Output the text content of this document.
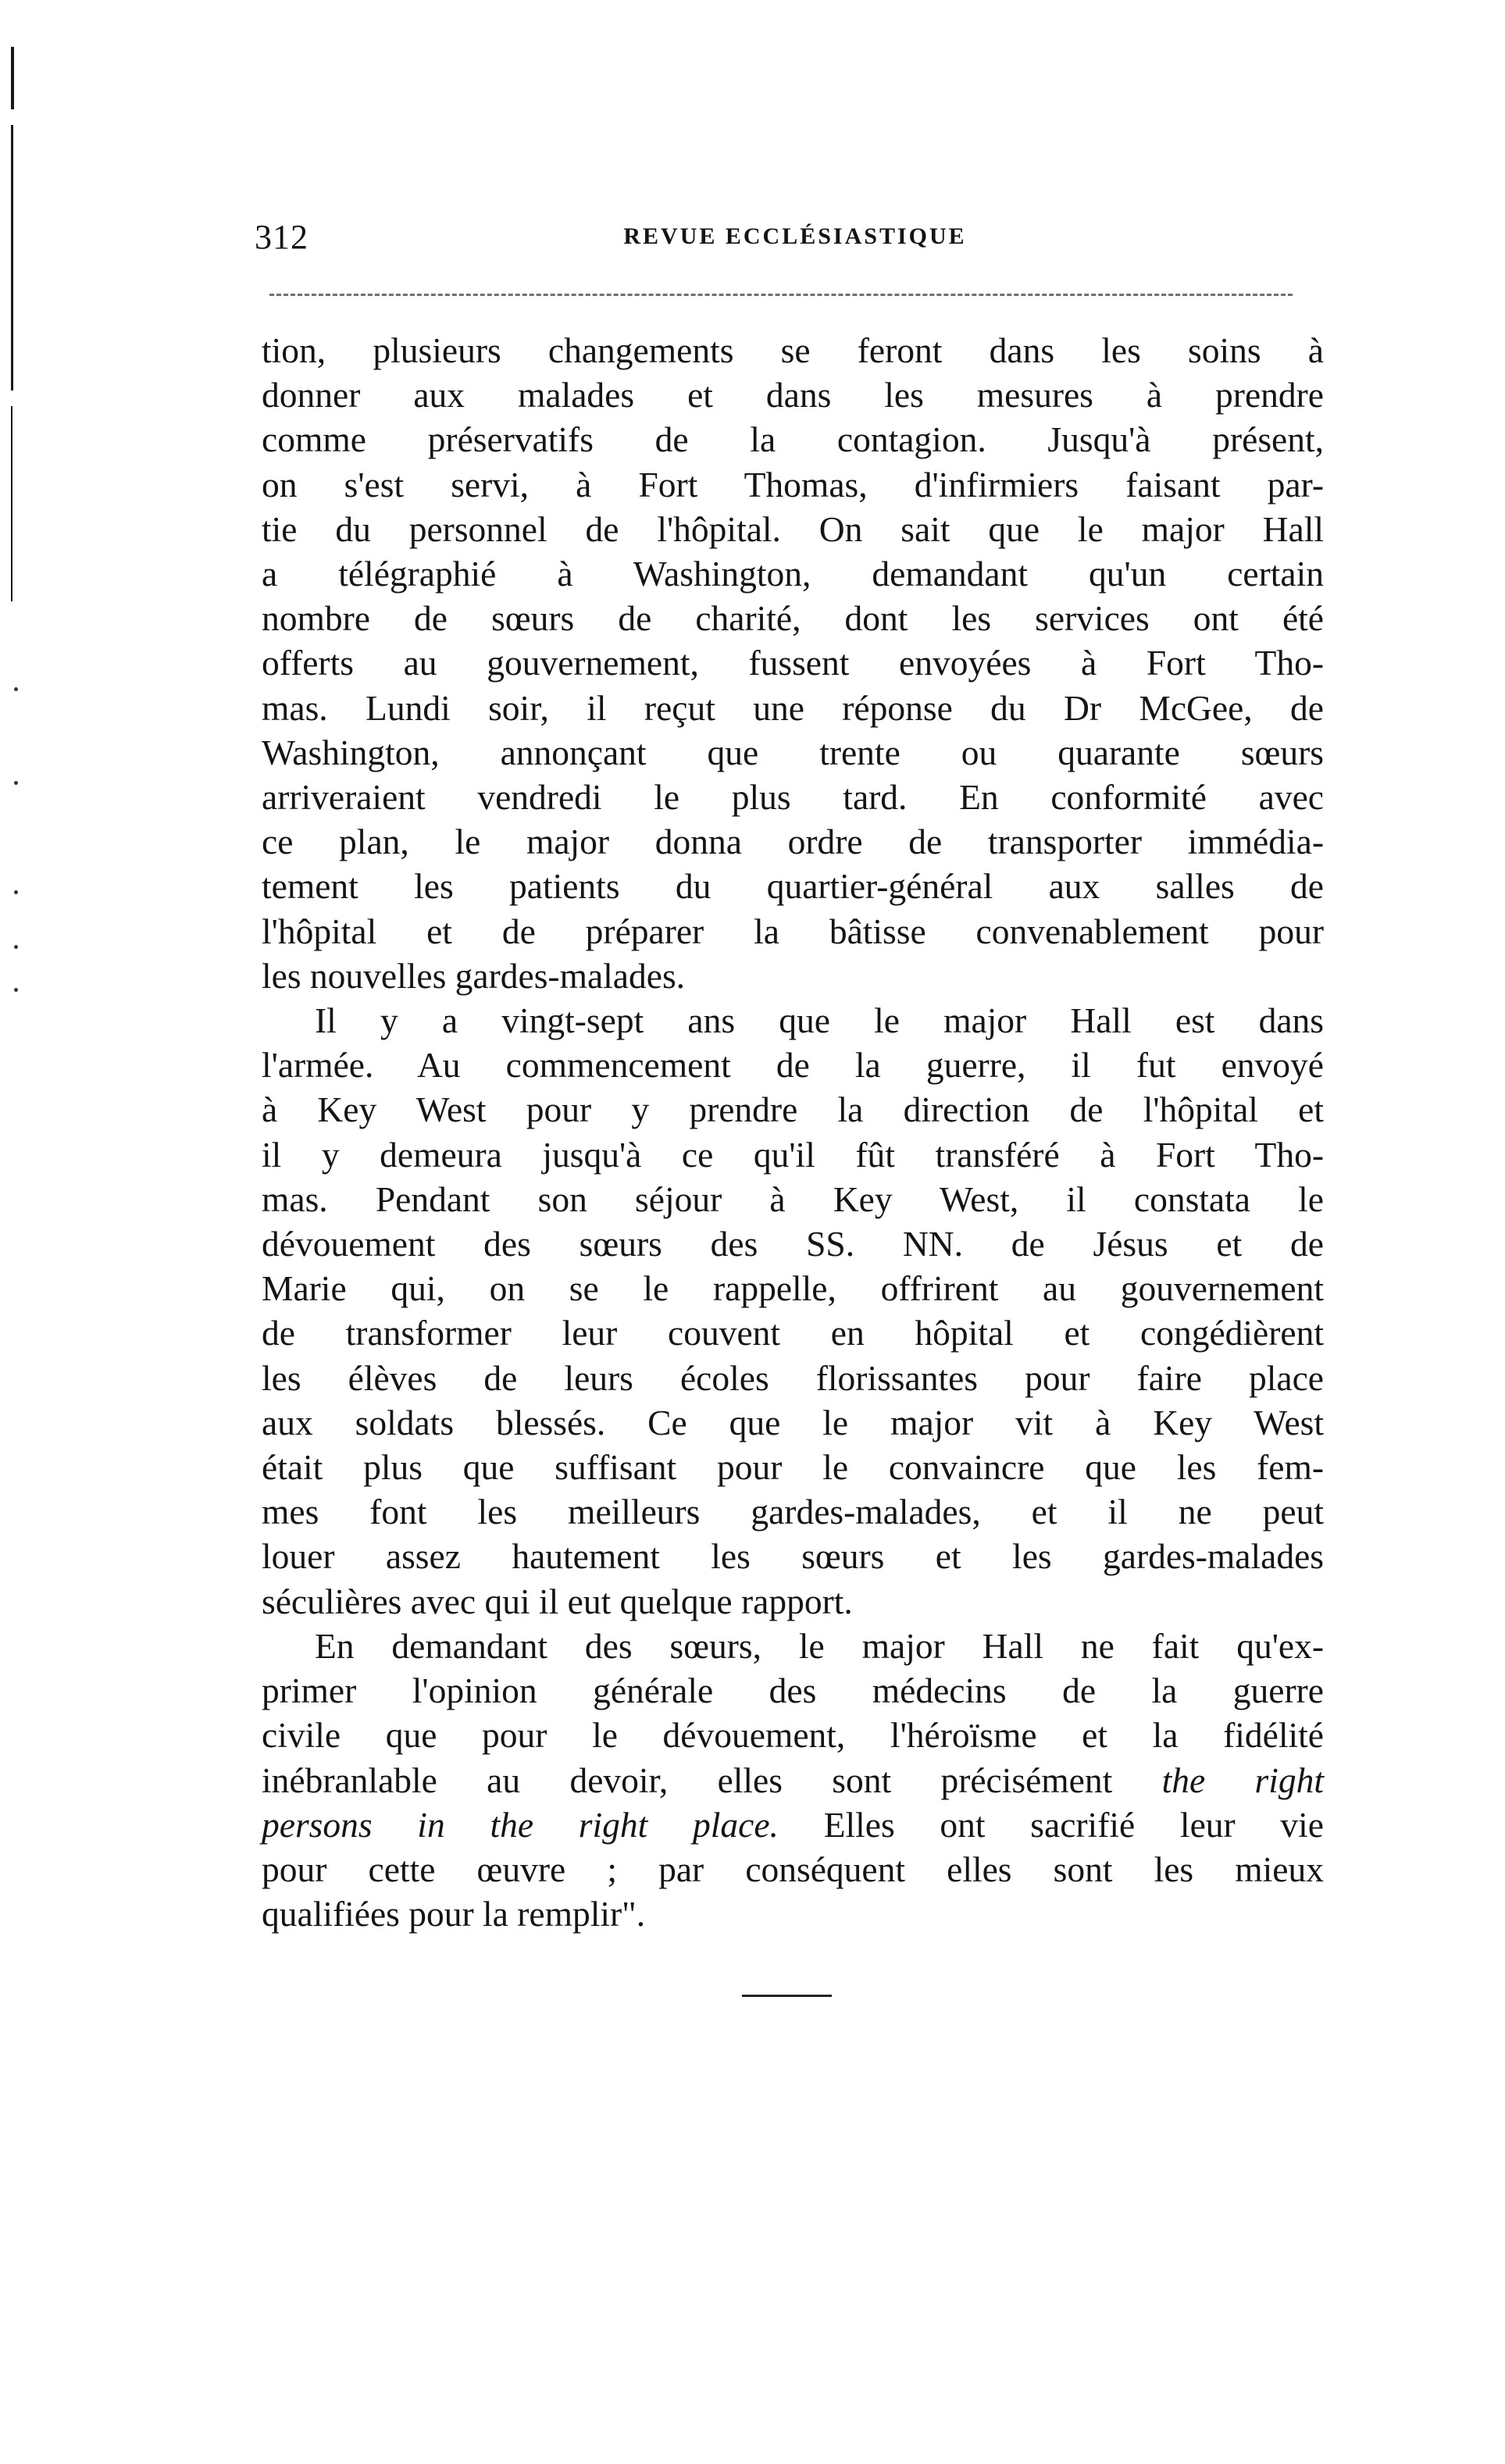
312	REVUE ECCLÉSIASTIQUE
tion, plusieurs changements se feront dans les soins à
donner aux malades et dans les mesures à prendre
comme préservatifs de la contagion. Jusqu'à présent,
on s'est servi, à Fort Thomas, d'infirmiers faisant par-
tie du personnel de l'hôpital. On sait que le major Hall
a télégraphié à Washington, demandant qu'un certain
nombre de sœurs de charité, dont les services ont été
offerts au gouvernement, fussent envoyées à Fort Tho-
mas. Lundi soir, il reçut une réponse du Dr McGee, de
Washington, annonçant que trente ou quarante sœurs
arriveraient vendredi le plus tard. En conformité avec
ce plan, le major donna ordre de transporter immédia-
tement les patients du quartier-général aux salles de
l'hôpital et de préparer la bâtisse convenablement pour
les nouvelles gardes-malades.
Il y a vingt-sept ans que le major Hall est dans
l'armée. Au commencement de la guerre, il fut envoyé
à Key West pour y prendre la direction de l'hôpital et
il y demeura jusqu'à ce qu'il fût transféré à Fort Tho-
mas. Pendant son séjour à Key West, il constata le
dévouement des sœurs des SS. NN. de Jésus et de
Marie qui, on se le rappelle, offrirent au gouvernement
de transformer leur couvent en hôpital et congédièrent
les élèves de leurs écoles florissantes pour faire place
aux soldats blessés. Ce que le major vit à Key West
était plus que suffisant pour le convaincre que les fem-
mes font les meilleurs gardes-malades, et il ne peut
louer assez hautement les sœurs et les gardes-malades
séculières avec qui il eut quelque rapport.
En demandant des sœurs, le major Hall ne fait qu'ex-
primer l'opinion générale des médecins de la guerre
civile que pour le dévouement, l'héroïsme et la fidélité
inébranlable au devoir, elles sont précisément the right
persons in the right place. Elles ont sacrifié leur vie
pour cette œuvre ; par conséquent elles sont les mieux
qualifiées pour la remplir".
